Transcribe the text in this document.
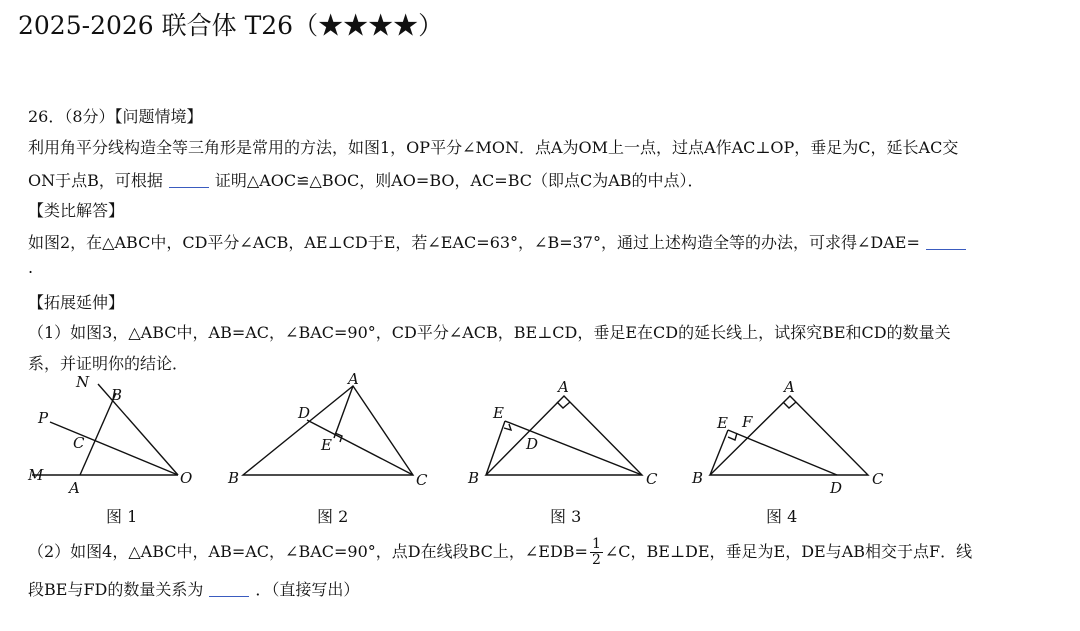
2025-2026 联合体 T26（★★★★）
26．（8分）【问题情境】
利用角平分线构造全等三角形是常用的方法，如图1，OP平分∠MON．点A为OM上一点，过点A作AC⊥OP，垂足为C，延长AC交
ON于点B，可根据	证明△AOC≌△BOC，则AO=BO，AC=BC（即点C为AB的中点）．
【类比解答】
如图2，在△ABC中，CD平分∠ACB，AE⊥CD于E，若∠EAC=63°，∠B=37°，通过上述构造全等的办法，可求得∠DAE=
.
【拓展延伸】
（1）如图3，△ABC中，AB=AC，∠BAC=90°，CD平分∠ACB，BE⊥CD，垂足E在CD的延长线上，试探究BE和CD的数量关
系，并证明你的结论．
N
B
P
C
M
A
O
A
D
E
B	C
A
E
D
B	C
A
E F
B
D C
图 1	图 2	图 3	图 4
（2）如图4，△ABC中，AB=AC，∠BAC=90°，点D在线段BC上，∠EDB= $\frac{1}{2}$ ∠C，BE⊥DE，垂足为E，DE与AB相交于点F．线
段BE与FD的数量关系为	．（直接写出）
